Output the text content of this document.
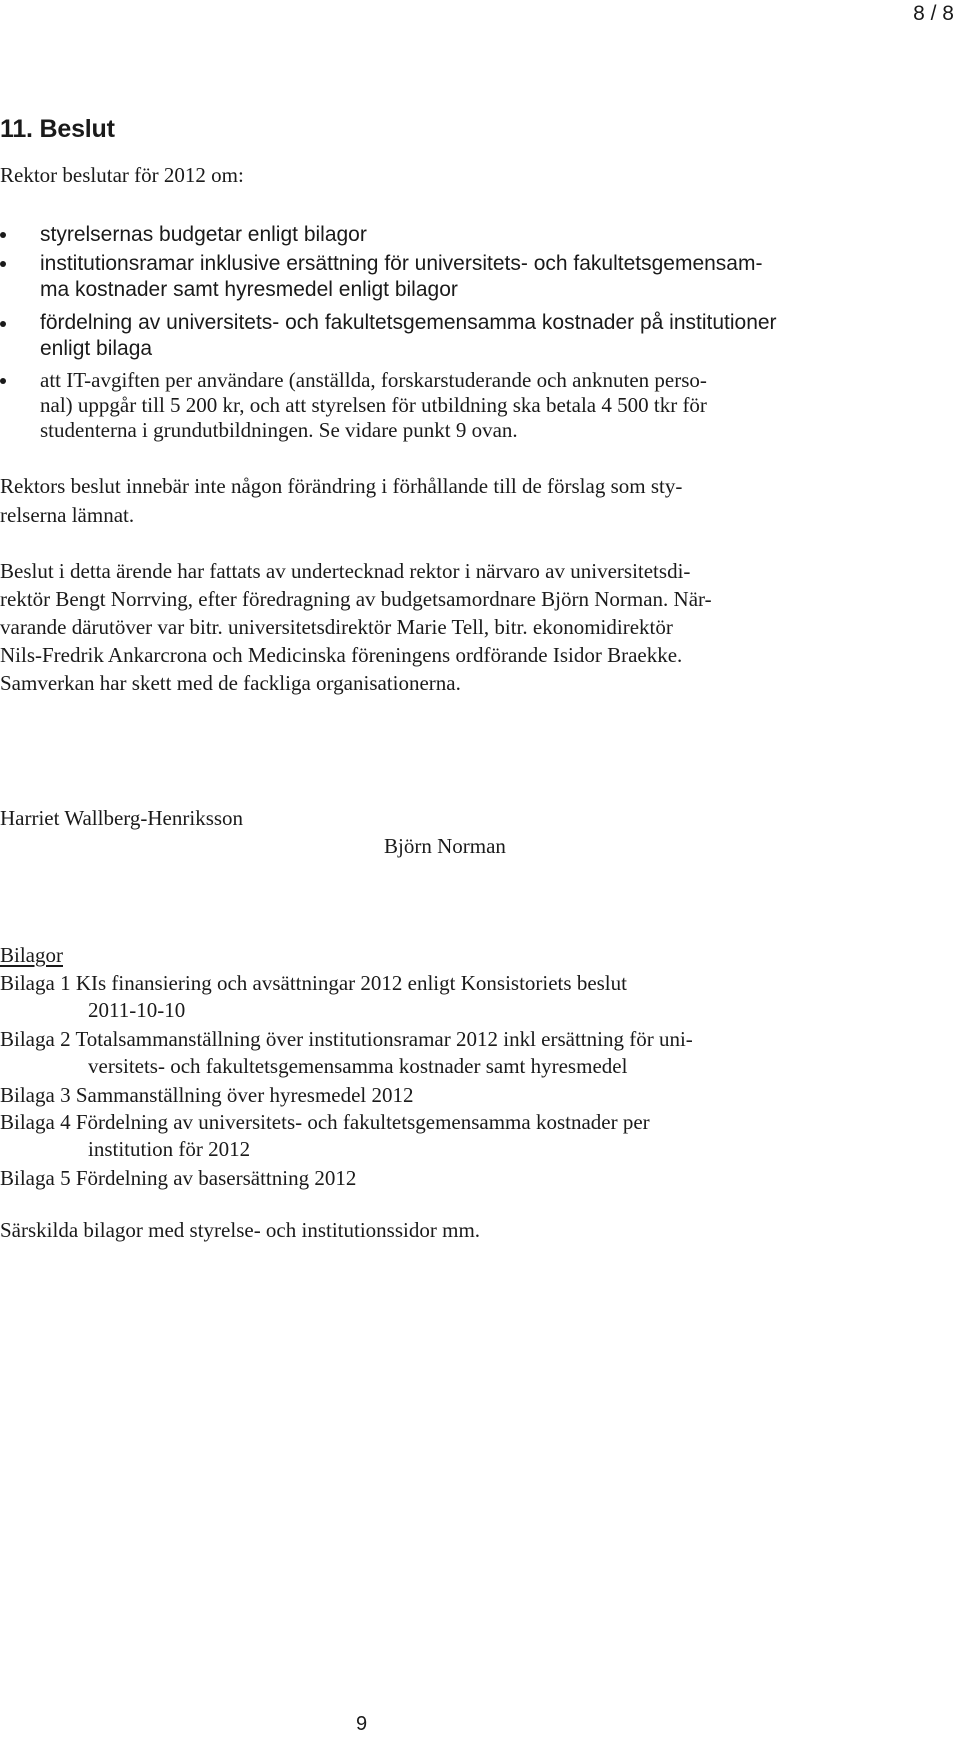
8 / 8
11. Beslut
Rektor beslutar för 2012 om:
styrelsernas budgetar enligt bilagor
institutionsramar inklusive ersättning för universitets- och fakultetsgemensam-
ma kostnader samt hyresmedel enligt bilagor
fördelning av universitets- och fakultetsgemensamma kostnader på institutioner
enligt bilaga
att IT-avgiften per användare (anställda, forskarstuderande och anknuten perso-
nal) uppgår till 5 200 kr, och att styrelsen för utbildning ska betala 4 500 tkr för
studenterna i grundutbildningen. Se vidare punkt 9 ovan.
Rektors beslut innebär inte någon förändring i förhållande till de förslag som sty-
relserna lämnat.
Beslut i detta ärende har fattats av undertecknad rektor i närvaro av universitetsdi-
rektör Bengt Norrving, efter föredragning av budgetsamordnare Björn Norman. När-
varande därutöver var bitr. universitetsdirektör Marie Tell, bitr. ekonomidirektör
Nils-Fredrik Ankarcrona och Medicinska föreningens ordförande Isidor Braekke.
Samverkan har skett med de fackliga organisationerna.
Harriet Wallberg-Henriksson
Björn Norman
Bilagor
Bilaga 1 KIs finansiering och avsättningar 2012 enligt Konsistoriets beslut
2011-10-10
Bilaga 2 Totalsammanställning över institutionsramar 2012 inkl ersättning för uni-
versitets- och fakultetsgemensamma kostnader samt hyresmedel
Bilaga 3 Sammanställning över hyresmedel 2012
Bilaga 4 Fördelning av universitets- och fakultetsgemensamma kostnader per
institution för 2012
Bilaga 5 Fördelning av basersättning 2012
Särskilda bilagor med styrelse- och institutionssidor mm.
9
